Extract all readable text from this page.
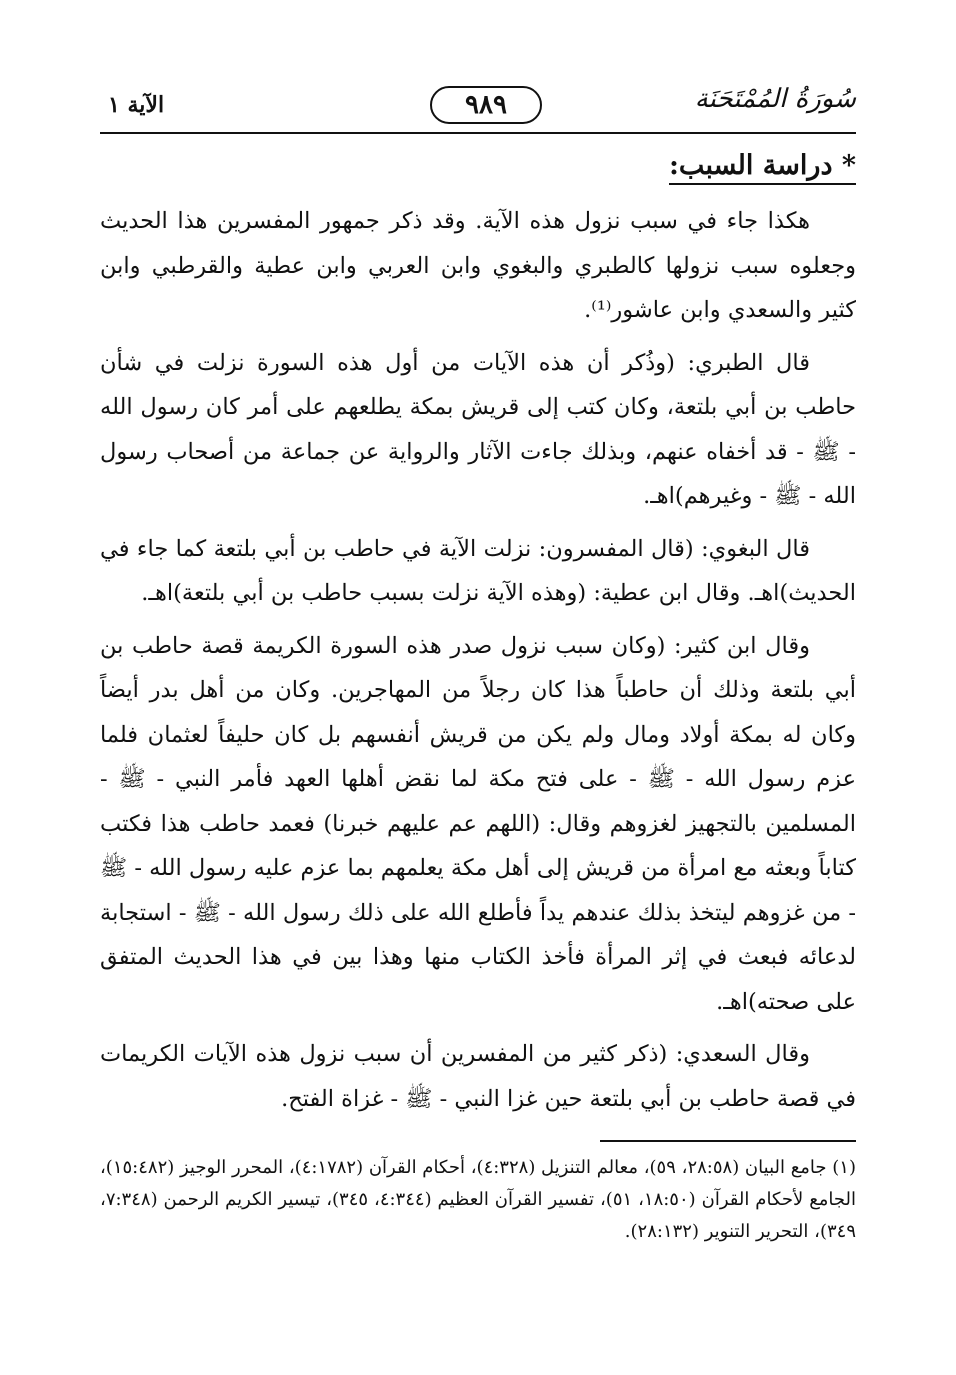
الآية ١	٩٨٩	سُورَةُ المُمْتَحَنَة
* دراسة السبب:

هكذا جاء في سبب نزول هذه الآية. وقد ذكر جمهور المفسرين هذا الحديث وجعلوه سبب نزولها كالطبري والبغوي وابن العربي وابن عطية والقرطبي وابن كثير والسعدي وابن عاشور⁽¹⁾.

قال الطبري: (وذُكر أن هذه الآيات من أول هذه السورة نزلت في شأن حاطب بن أبي بلتعة، وكان كتب إلى قريش بمكة يطلعهم على أمر كان رسول الله - ﷺ - قد أخفاه عنهم، وبذلك جاءت الآثار والرواية عن جماعة من أصحاب رسول الله - ﷺ - وغيرهم)اهـ.

قال البغوي: (قال المفسرون: نزلت الآية في حاطب بن أبي بلتعة كما جاء في الحديث)اهـ. وقال ابن عطية: (وهذه الآية نزلت بسبب حاطب بن أبي بلتعة)اهـ.

وقال ابن كثير: (وكان سبب نزول صدر هذه السورة الكريمة قصة حاطب بن أبي بلتعة وذلك أن حاطباً هذا كان رجلاً من المهاجرين. وكان من أهل بدر أيضاً وكان له بمكة أولاد ومال ولم يكن من قريش أنفسهم بل كان حليفاً لعثمان فلما عزم رسول الله - ﷺ - على فتح مكة لما نقض أهلها العهد فأمر النبي - ﷺ - المسلمين بالتجهيز لغزوهم وقال: (اللهم عم عليهم خبرنا) فعمد حاطب هذا فكتب كتاباً وبعثه مع امرأة من قريش إلى أهل مكة يعلمهم بما عزم عليه رسول الله - ﷺ - من غزوهم ليتخذ بذلك عندهم يداً فأطلع الله على ذلك رسول الله - ﷺ - استجابة لدعائه فبعث في إثر المرأة فأخذ الكتاب منها وهذا بين في هذا الحديث المتفق على صحته)اهـ.

وقال السعدي: (ذكر كثير من المفسرين أن سبب نزول هذه الآيات الكريمات في قصة حاطب بن أبي بلتعة حين غزا النبي - ﷺ - غزاة الفتح.

(١) جامع البيان (٢٨:٥٨، ٥٩)، معالم التنزيل (٤:٣٢٨)، أحكام القرآن (٤:١٧٨٢)، المحرر الوجيز (١٥:٤٨٢)، الجامع لأحكام القرآن (١٨:٥٠، ٥١)، تفسير القرآن العظيم (٤:٣٤٤، ٣٤٥)، تيسير الكريم الرحمن (٧:٣٤٨، ٣٤٩)، التحرير التنوير (٢٨:١٣٢).
